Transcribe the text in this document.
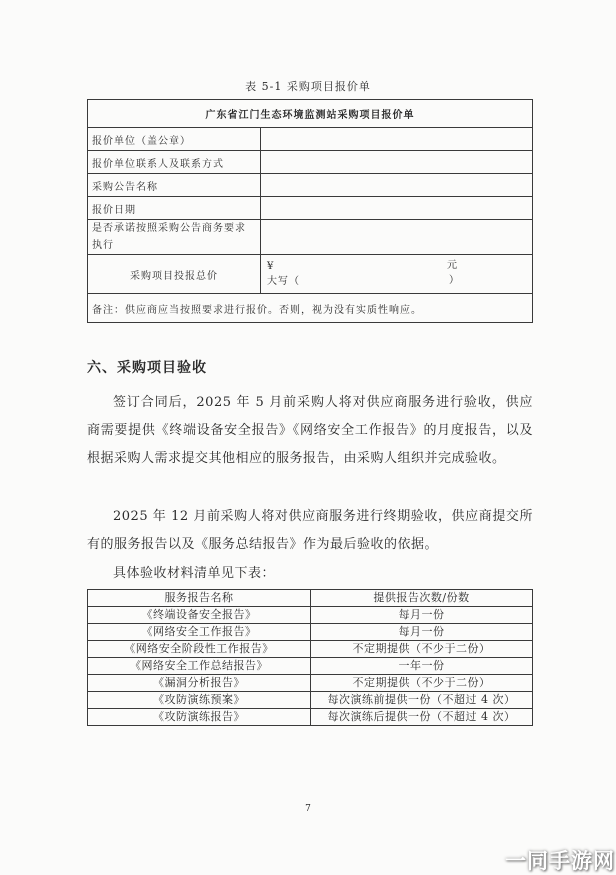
表 5-1 采购项目报价单
广东省江门生态环境监测站采购项目报价单	
报价单位（盖公章）	
报价单位联系人及联系方式	
采购公告名称	
报价日期	
是否承诺按照采购公告商务要求执行	
采购项目投报总价	¥ 元

大写（ ）

备注：供应商应当按照要求进行报价。否则，视为没有实质性响应。	
六、采购项目验收

签订合同后，2025 年 5 月前采购人将对供应商服务进行验收，供应商需要提供《终端设备安全报告》《网络安全工作报告》的月度报告，以及根据采购人需求提交其他相应的服务报告，由采购人组织并完成验收。

2025 年 12 月前采购人将对供应商服务进行终期验收，供应商提交所有的服务报告以及《服务总结报告》作为最后验收的依据。

具体验收材料清单见下表：

服务报告名称	提供报告次数/份数
《终端设备安全报告》	每月一份
《网络安全工作报告》	每月一份
《网络安全阶段性工作报告》	不定期提供（不少于二份）
《网络安全工作总结报告》	一年一份
《漏洞分析报告》	不定期提供（不少于二份）
《攻防演练预案》	每次演练前提供一份（不超过 4 次）
《攻防演练报告》	每次演练后提供一份（不超过 4 次）
7
一同手游网
